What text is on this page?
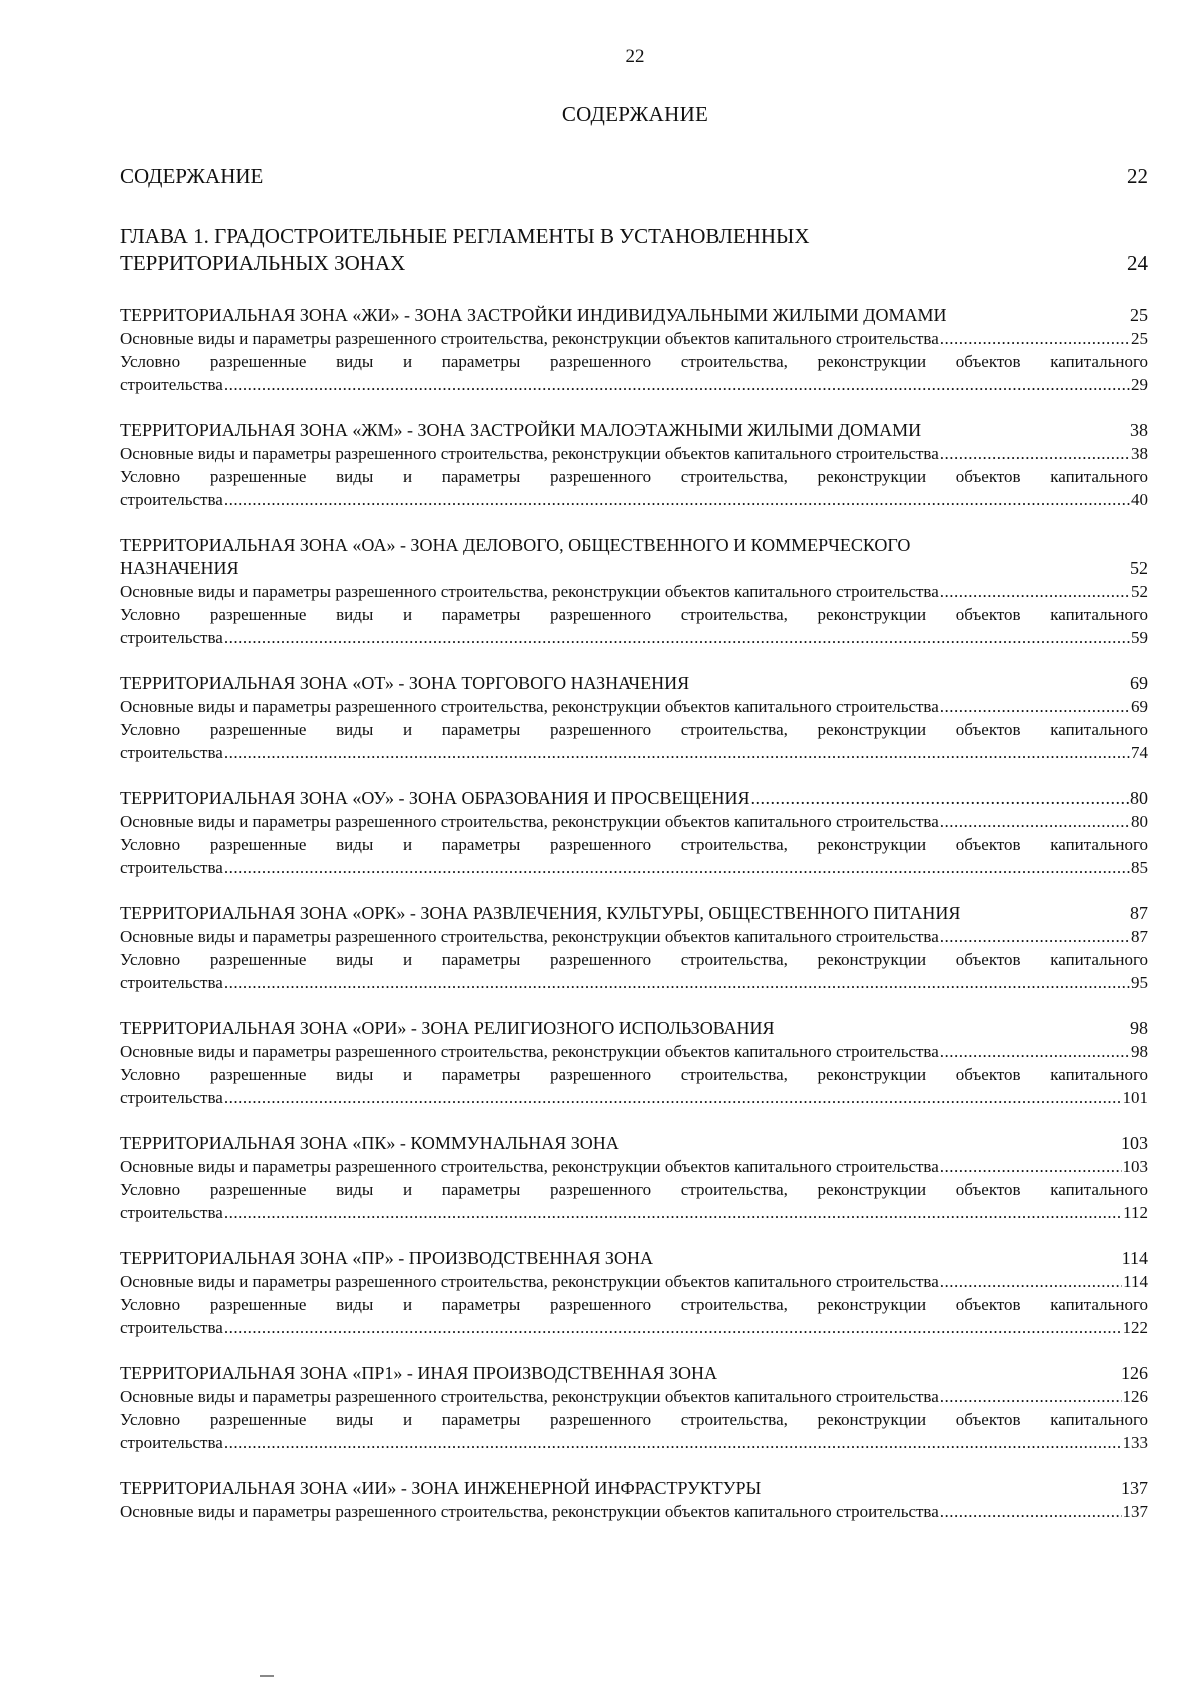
22
СОДЕРЖАНИЕ
СОДЕРЖАНИЕ	22
ГЛАВА 1. ГРАДОСТРОИТЕЛЬНЫЕ РЕГЛАМЕНТЫ В УСТАНОВЛЕННЫХ ТЕРРИТОРИАЛЬНЫХ ЗОНАХ	24
ТЕРРИТОРИАЛЬНАЯ ЗОНА «ЖИ» - ЗОНА ЗАСТРОЙКИ ИНДИВИДУАЛЬНЫМИ ЖИЛЫМИ ДОМАМИ	25
Основные виды и параметры разрешенного строительства, реконструкции объектов капитального строительства .....	25
Условно разрешенные виды и параметры разрешенного строительства, реконструкции объектов капитального
строительства .....	29
ТЕРРИТОРИАЛЬНАЯ ЗОНА «ЖМ» - ЗОНА ЗАСТРОЙКИ МАЛОЭТАЖНЫМИ ЖИЛЫМИ ДОМАМИ	38
Основные виды и параметры разрешенного строительства, реконструкции объектов капитального строительства .....	38
Условно разрешенные виды и параметры разрешенного строительства, реконструкции объектов капитального
строительства .....	40
ТЕРРИТОРИАЛЬНАЯ ЗОНА «ОА» - ЗОНА ДЕЛОВОГО, ОБЩЕСТВЕННОГО И КОММЕРЧЕСКОГО НАЗНАЧЕНИЯ	52
Основные виды и параметры разрешенного строительства, реконструкции объектов капитального строительства .....	52
Условно разрешенные виды и параметры разрешенного строительства, реконструкции объектов капитального
строительства .....	59
ТЕРРИТОРИАЛЬНАЯ ЗОНА «ОТ» - ЗОНА ТОРГОВОГО НАЗНАЧЕНИЯ	69
Основные виды и параметры разрешенного строительства, реконструкции объектов капитального строительства .....	69
Условно разрешенные виды и параметры разрешенного строительства, реконструкции объектов капитального
строительства .....	74
ТЕРРИТОРИАЛЬНАЯ ЗОНА «ОУ» - ЗОНА ОБРАЗОВАНИЯ И ПРОСВЕЩЕНИЯ .....	80
Основные виды и параметры разрешенного строительства, реконструкции объектов капитального строительства .....	80
Условно разрешенные виды и параметры разрешенного строительства, реконструкции объектов капитального
строительства .....	85
ТЕРРИТОРИАЛЬНАЯ ЗОНА «ОРК» - ЗОНА РАЗВЛЕЧЕНИЯ, КУЛЬТУРЫ, ОБЩЕСТВЕННОГО ПИТАНИЯ	87
Основные виды и параметры разрешенного строительства, реконструкции объектов капитального строительства .....	87
Условно разрешенные виды и параметры разрешенного строительства, реконструкции объектов капитального
строительства .....	95
ТЕРРИТОРИАЛЬНАЯ ЗОНА «ОРИ» - ЗОНА РЕЛИГИОЗНОГО ИСПОЛЬЗОВАНИЯ	98
Основные виды и параметры разрешенного строительства, реконструкции объектов капитального строительства .....	98
Условно разрешенные виды и параметры разрешенного строительства, реконструкции объектов капитального
строительства .....	101
ТЕРРИТОРИАЛЬНАЯ ЗОНА «ПК» - КОММУНАЛЬНАЯ ЗОНА	103
Основные виды и параметры разрешенного строительства, реконструкции объектов капитального строительства .....	103
Условно разрешенные виды и параметры разрешенного строительства, реконструкции объектов капитального
строительства .....	112
ТЕРРИТОРИАЛЬНАЯ ЗОНА «ПР» - ПРОИЗВОДСТВЕННАЯ ЗОНА	114
Основные виды и параметры разрешенного строительства, реконструкции объектов капитального строительства .....	114
Условно разрешенные виды и параметры разрешенного строительства, реконструкции объектов капитального
строительства .....	122
ТЕРРИТОРИАЛЬНАЯ ЗОНА «ПР1» - ИНАЯ ПРОИЗВОДСТВЕННАЯ ЗОНА	126
Основные виды и параметры разрешенного строительства, реконструкции объектов капитального строительства .....	126
Условно разрешенные виды и параметры разрешенного строительства, реконструкции объектов капитального
строительства .....	133
ТЕРРИТОРИАЛЬНАЯ ЗОНА «ИИ» - ЗОНА ИНЖЕНЕРНОЙ ИНФРАСТРУКТУРЫ	137
Основные виды и параметры разрешенного строительства, реконструкции объектов капитального строительства .....	137
